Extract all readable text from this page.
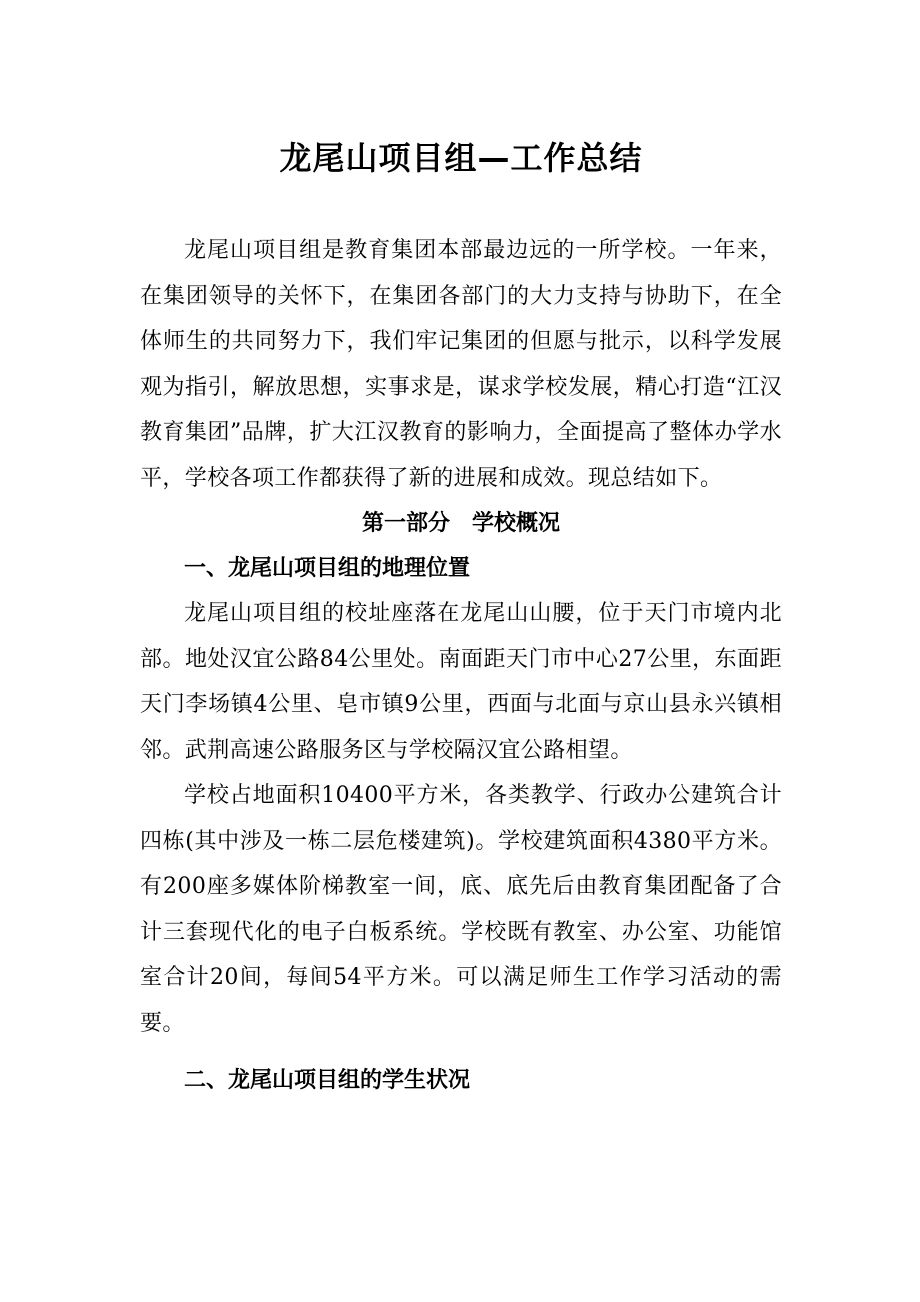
龙尾山项目组—工作总结

龙尾山项目组是教育集团本部最边远的一所学校。一年来，在集团领导的关怀下，在集团各部门的大力支持与协助下，在全体师生的共同努力下，我们牢记集团的但愿与批示，以科学发展观为指引，解放思想，实事求是，谋求学校发展，精心打造“江汉教育集团”品牌，扩大江汉教育的影响力，全面提高了整体办学水平，学校各项工作都获得了新的进展和成效。现总结如下。

第一部分　学校概况
一、龙尾山项目组的地理位置

龙尾山项目组的校址座落在龙尾山山腰，位于天门市境内北部。地处汉宜公路84公里处。南面距天门市中心27公里，东面距天门李场镇4公里、皂市镇9公里，西面与北面与京山县永兴镇相邻。武荆高速公路服务区与学校隔汉宜公路相望。

学校占地面积10400平方米，各类教学、行政办公建筑合计四栋(其中涉及一栋二层危楼建筑)。学校建筑面积4380平方米。有200座多媒体阶梯教室一间，底、底先后由教育集团配备了合计三套现代化的电子白板系统。学校既有教室、办公室、功能馆室合计20间，每间54平方米。可以满足师生工作学习活动的需要。

二、龙尾山项目组的学生状况
